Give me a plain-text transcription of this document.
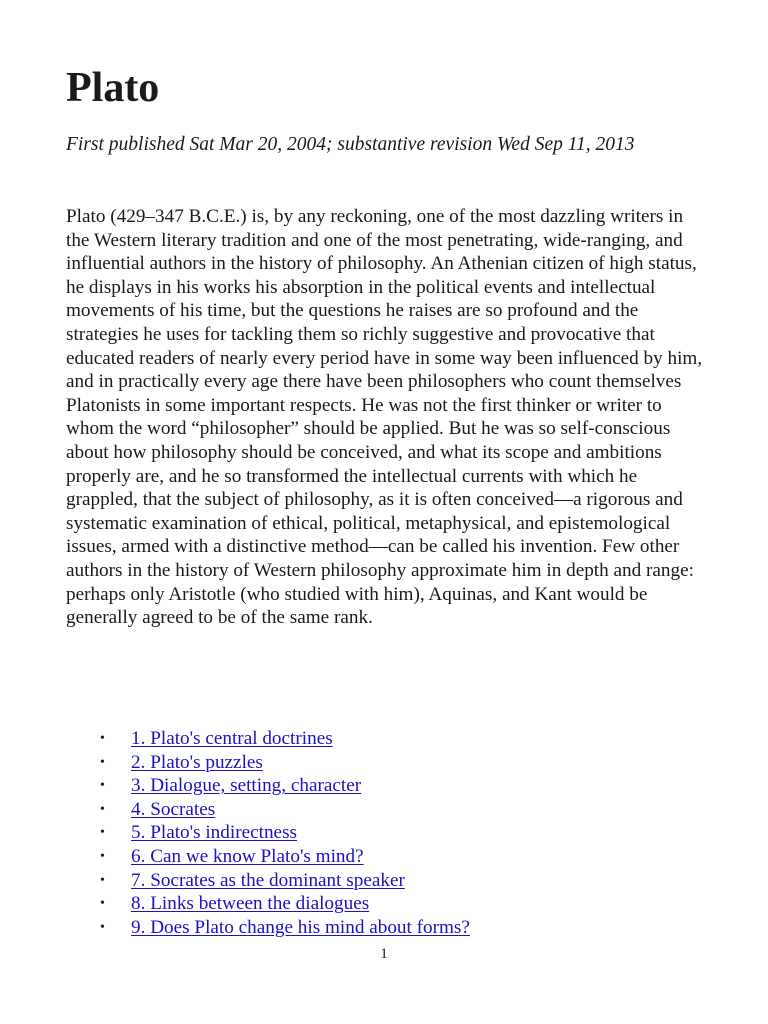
Plato

First published Sat Mar 20, 2004; substantive revision Wed Sep 11, 2013

Plato (429–347 B.C.E.) is, by any reckoning, one of the most dazzling writers in the Western literary tradition and one of the most penetrating, wide-ranging, and influential authors in the history of philosophy. An Athenian citizen of high status, he displays in his works his absorption in the political events and intellectual movements of his time, but the questions he raises are so profound and the strategies he uses for tackling them so richly suggestive and provocative that educated readers of nearly every period have in some way been influenced by him, and in practically every age there have been philosophers who count themselves Platonists in some important respects. He was not the first thinker or writer to whom the word “philosopher” should be applied. But he was so self-conscious about how philosophy should be conceived, and what its scope and ambitions properly are, and he so transformed the intellectual currents with which he grappled, that the subject of philosophy, as it is often conceived—a rigorous and systematic examination of ethical, political, metaphysical, and epistemological issues, armed with a distinctive method—can be called his invention. Few other authors in the history of Western philosophy approximate him in depth and range: perhaps only Aristotle (who studied with him), Aquinas, and Kant would be generally agreed to be of the same rank.

• 1. Plato's central doctrines
• 2. Plato's puzzles
• 3. Dialogue, setting, character
• 4. Socrates
• 5. Plato's indirectness
• 6. Can we know Plato's mind?
• 7. Socrates as the dominant speaker
• 8. Links between the dialogues
• 9. Does Plato change his mind about forms?
1
